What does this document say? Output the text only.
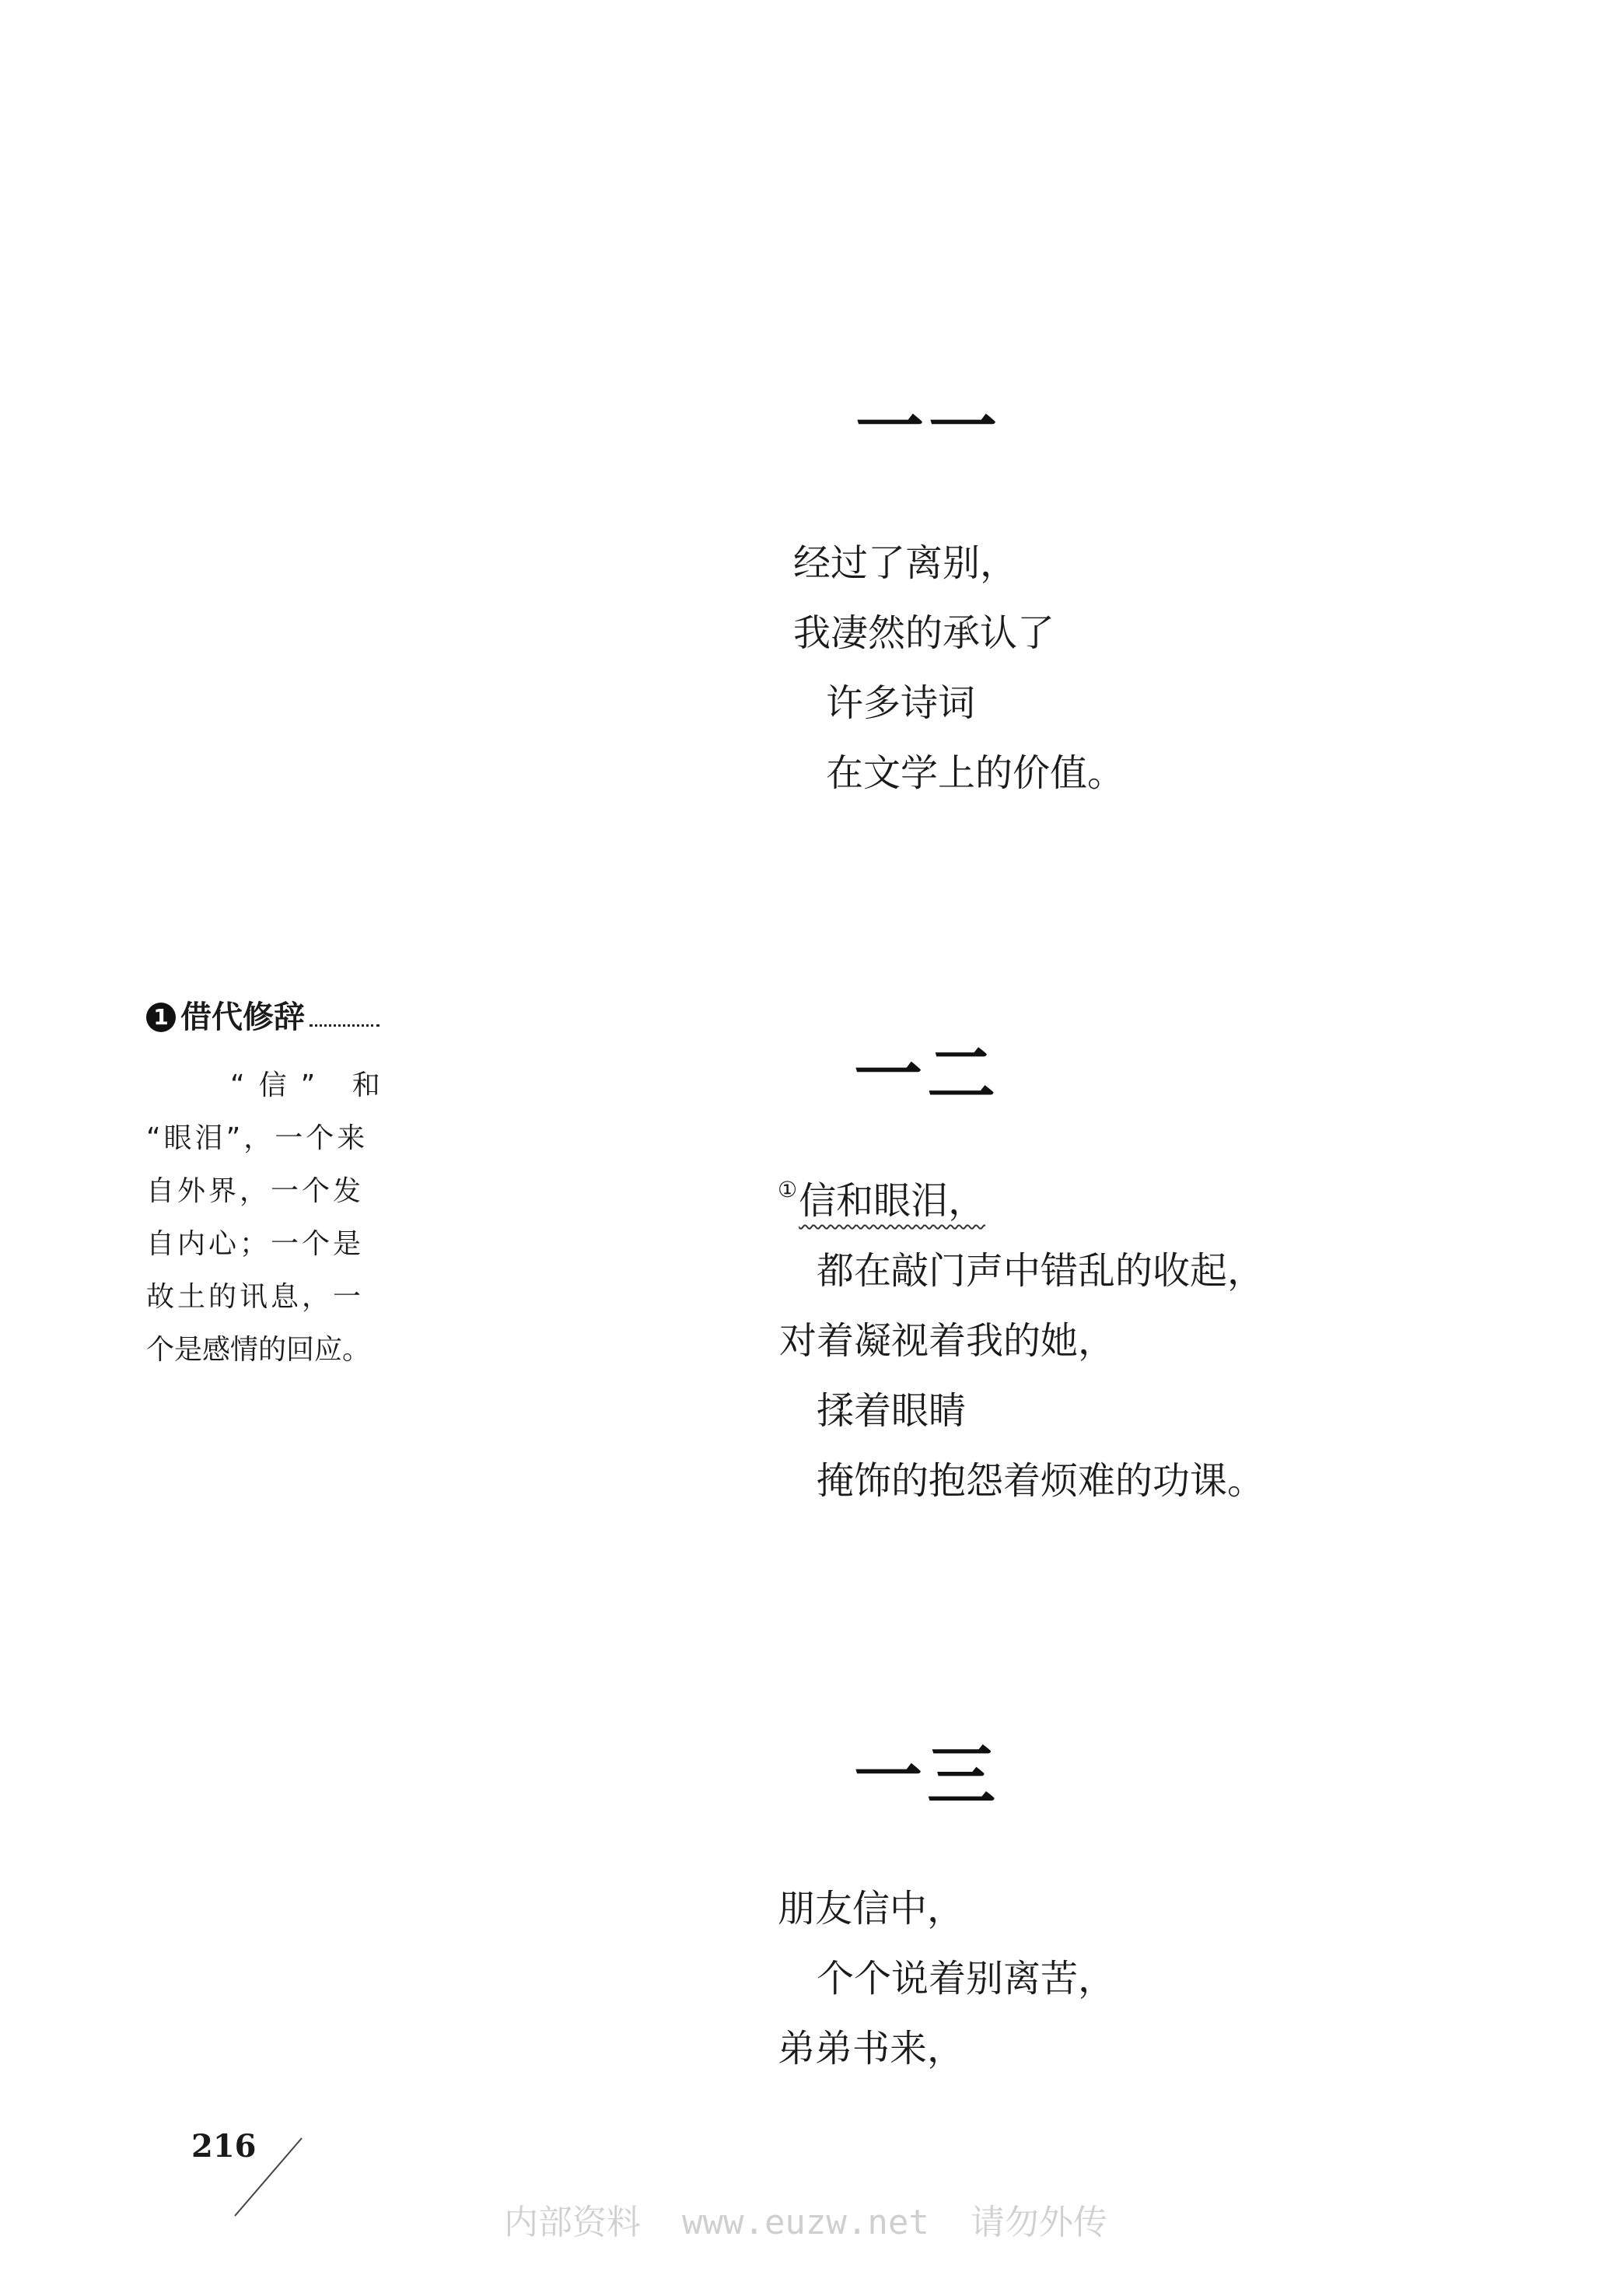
一一
经过了离别，
我凄然的承认了
许多诗词
在文学上的价值。
1 借代修辞
“信” 和
“眼泪”，一个来
自外界，一个发
自内心；一个是
故土的讯息，一
个是感情的回应。
一二
①信和眼泪，
都在敲门声中错乱的收起，
对着凝视着我的她，
揉着眼睛
掩饰的抱怨着烦难的功课。
一三
朋友信中，
个个说着别离苦，
弟弟书来，
216
内部资料  www.euzw.net  请勿外传
